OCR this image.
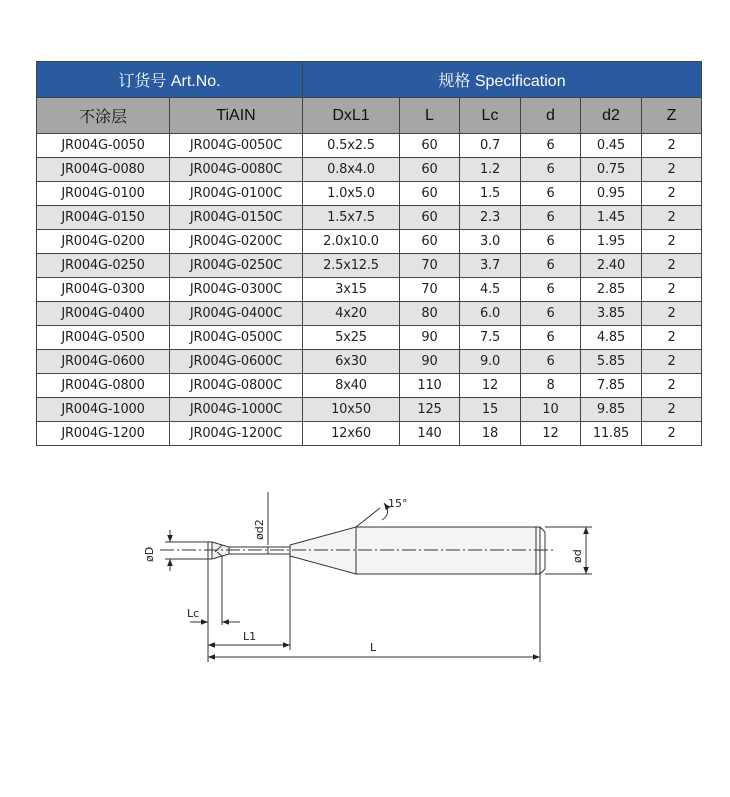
订货号 Art.No.		规格 Specification					
不涂层	TiAIN	DxL1	L	Lc	d	d2	Z
JR004G-0050	JR004G-0050C	0.5x2.5	60	0.7	6	0.45	2
JR004G-0080	JR004G-0080C	0.8x4.0	60	1.2	6	0.75	2
JR004G-0100	JR004G-0100C	1.0x5.0	60	1.5	6	0.95	2
JR004G-0150	JR004G-0150C	1.5x7.5	60	2.3	6	1.45	2
JR004G-0200	JR004G-0200C	2.0x10.0	60	3.0	6	1.95	2
JR004G-0250	JR004G-0250C	2.5x12.5	70	3.7	6	2.40	2
JR004G-0300	JR004G-0300C	3x15	70	4.5	6	2.85	2
JR004G-0400	JR004G-0400C	4x20	80	6.0	6	3.85	2
JR004G-0500	JR004G-0500C	5x25	90	7.5	6	4.85	2
JR004G-0600	JR004G-0600C	6x30	90	9.0	6	5.85	2
JR004G-0800	JR004G-0800C	8x40	110	12	8	7.85	2
JR004G-1000	JR004G-1000C	10x50	125	15	10	9.85	2
JR004G-1200	JR004G-1200C	12x60	140	18	12	11.85	2
15°
øD
ød2
ød
Lc
L1
L
